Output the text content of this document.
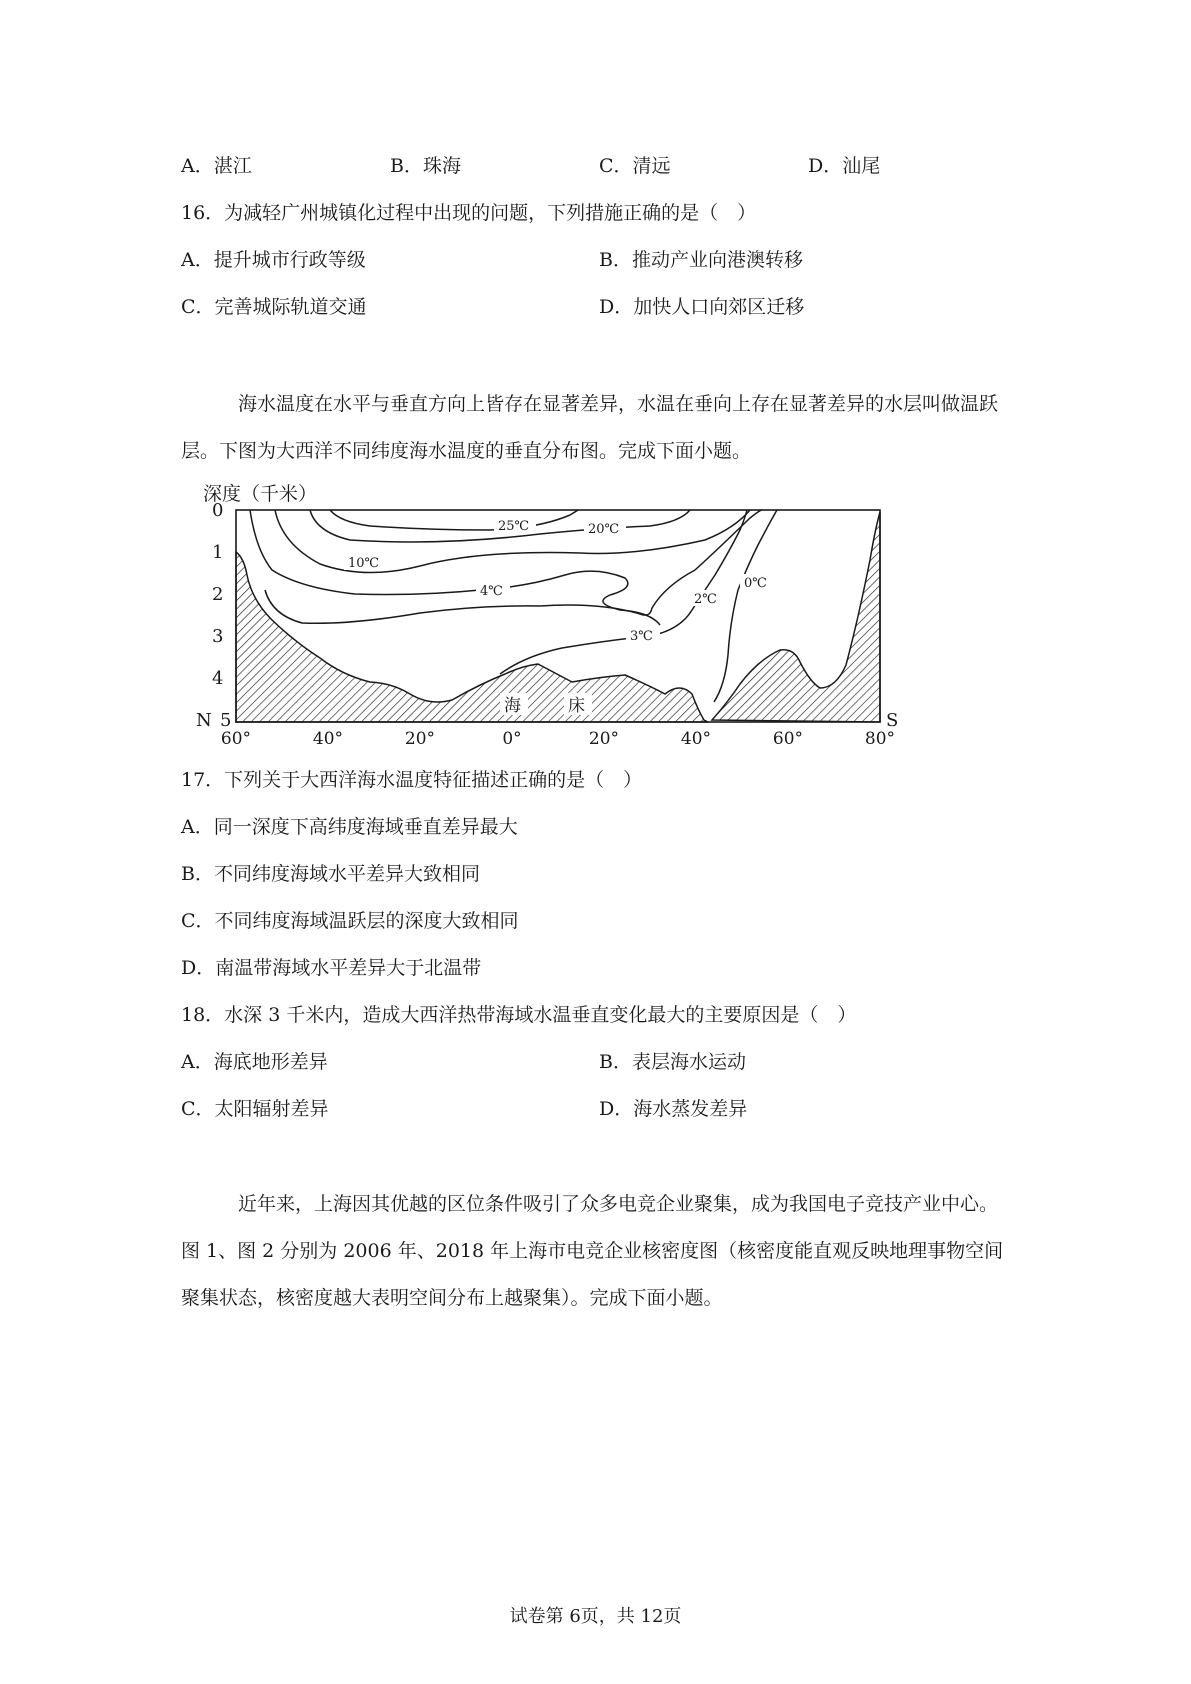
A．湛江	B．珠海	C．清远	D．汕尾
16．为减轻广州城镇化过程中出现的问题，下列措施正确的是（　）
A．提升城市行政等级	B．推动产业向港澳转移
C．完善城际轨道交通	D．加快人口向郊区迁移
海水温度在水平与垂直方向上皆存在显著差异，水温在垂向上存在显著差异的水层叫做温跃层。下图为大西洋不同纬度海水温度的垂直分布图。完成下面小题。
深度（千米）
25℃	20℃
10℃
4℃
3℃
2℃
0℃
海	床
0
1
2
3
4
5
N	S
60°	40°	20°	0°	20°	40°	60°	80°
17．下列关于大西洋海水温度特征描述正确的是（　）
A．同一深度下高纬度海域垂直差异最大
B．不同纬度海域水平差异大致相同
C．不同纬度海域温跃层的深度大致相同
D．南温带海域水平差异大于北温带
18．水深 3 千米内，造成大西洋热带海域水温垂直变化最大的主要原因是（　）
A．海底地形差异	B．表层海水运动
C．太阳辐射差异	D．海水蒸发差异
近年来，上海因其优越的区位条件吸引了众多电竞企业聚集，成为我国电子竞技产业中心。图 1、图 2 分别为 2006 年、2018 年上海市电竞企业核密度图（核密度能直观反映地理事物空间聚集状态，核密度越大表明空间分布上越聚集）。完成下面小题。
试卷第 6页，共 12页
